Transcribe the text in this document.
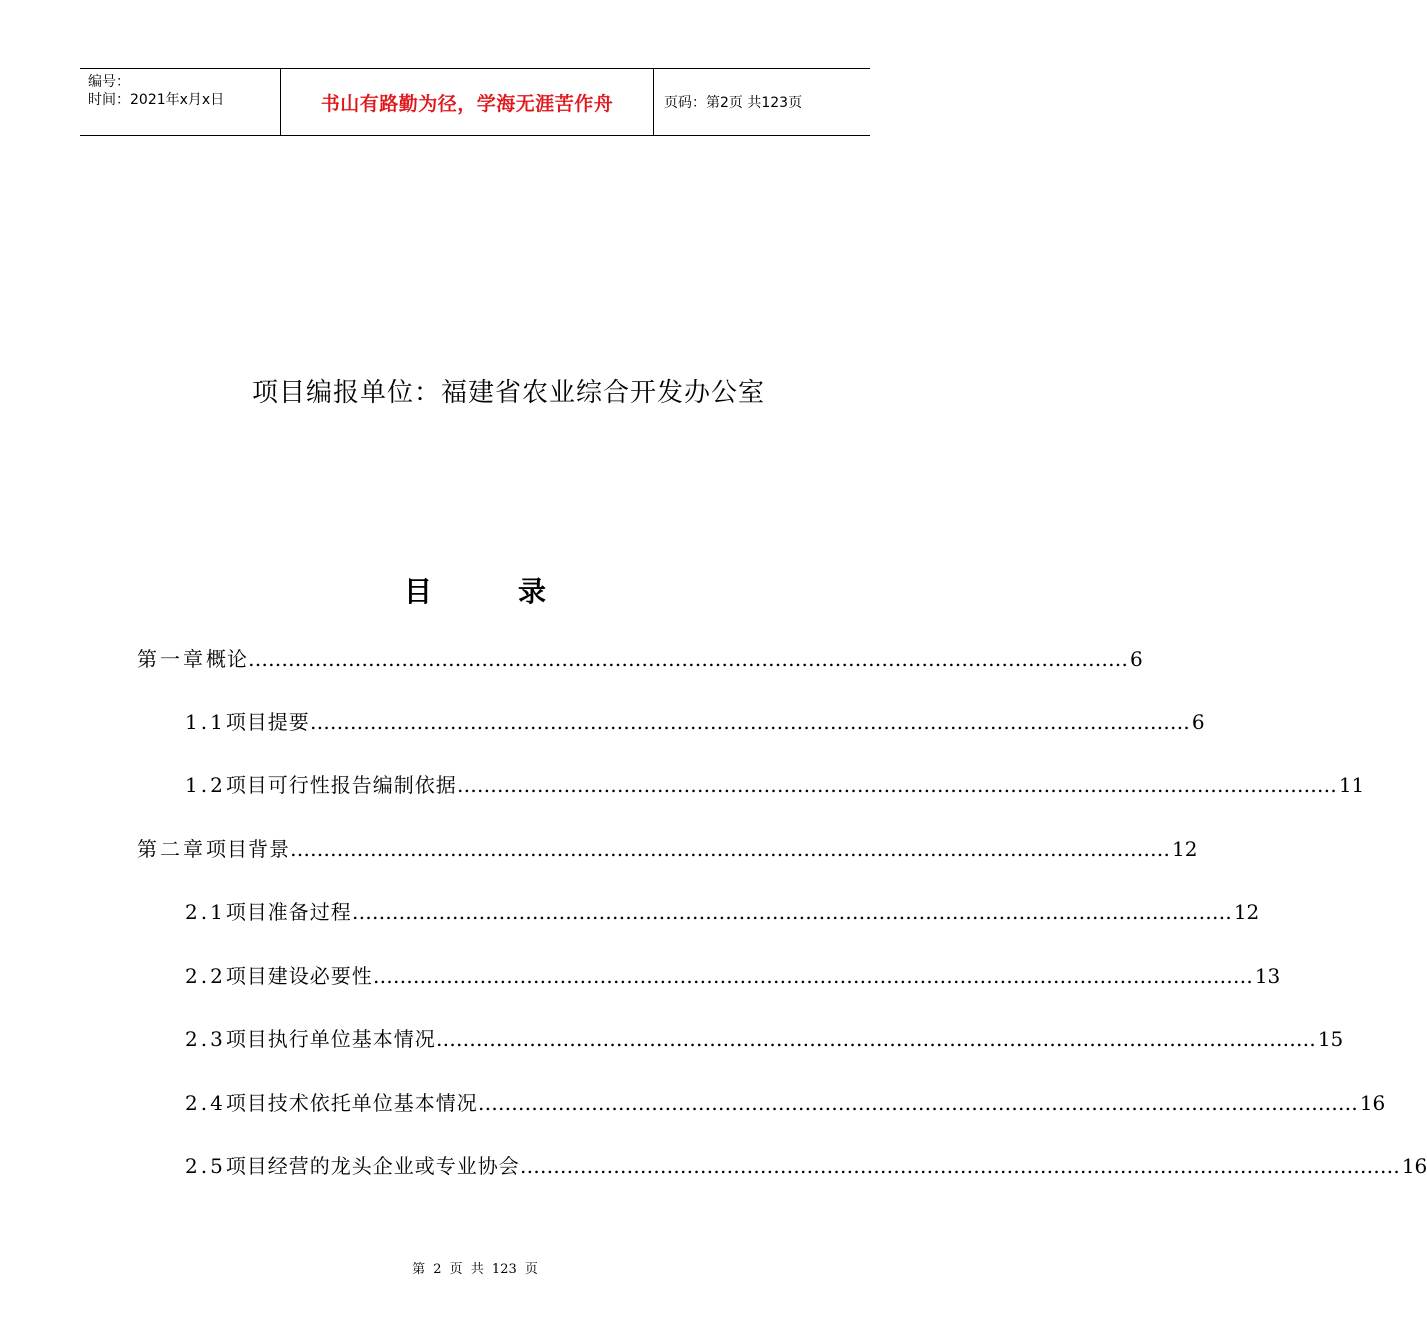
编号：
时间：2021年x月x日	书山有路勤为径，学海无涯苦作舟	页码：第2页 共123页
项目编报单位：福建省农业综合开发办公室
目	录
第一章 概论 …………………………………………………………………………………………………………………… 6
1.1 项目提要 …………………………………………………………………………………………………………………… 6
1.2 项目可行性报告编制依据 …………………………………………………………………………………………………………………… 11
第二章 项目背景 …………………………………………………………………………………………………………………… 12
2.1 项目准备过程 …………………………………………………………………………………………………………………… 12
2.2 项目建设必要性 …………………………………………………………………………………………………………………… 13
2.3 项目执行单位基本情况 …………………………………………………………………………………………………………………… 15
2.4 项目技术依托单位基本情况 …………………………………………………………………………………………………………………… 16
2.5 项目经营的龙头企业或专业协会 …………………………………………………………………………………………………………………… 16
第 2 页 共 123 页
